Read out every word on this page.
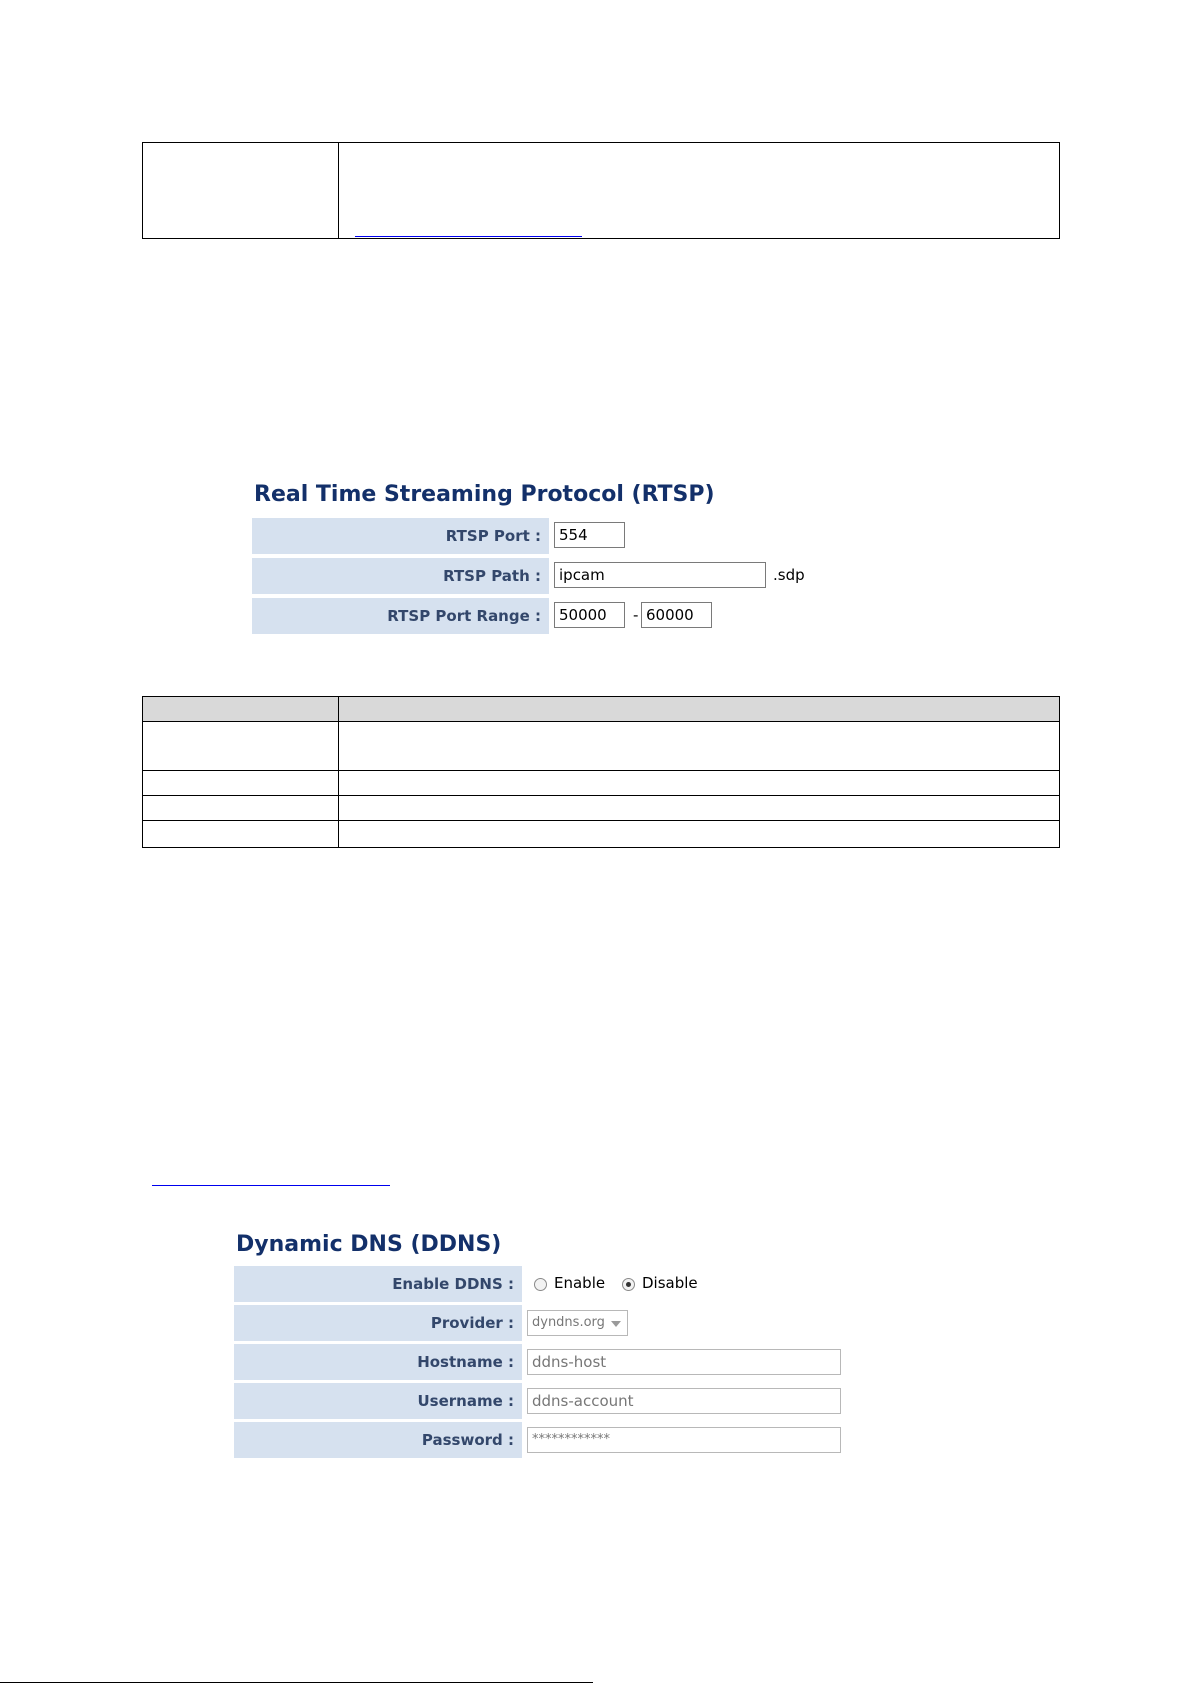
Real Time Streaming Protocol (RTSP)
RTSP Port :	554
RTSP Path :	ipcam	.sdp
RTSP Port Range :	50000	- 60000
Dynamic DNS (DDNS)
Enable DDNS :	Enable Disable
Provider :	dyndns.org
Hostname :	ddns-host
Username :	ddns-account
Password :	************
